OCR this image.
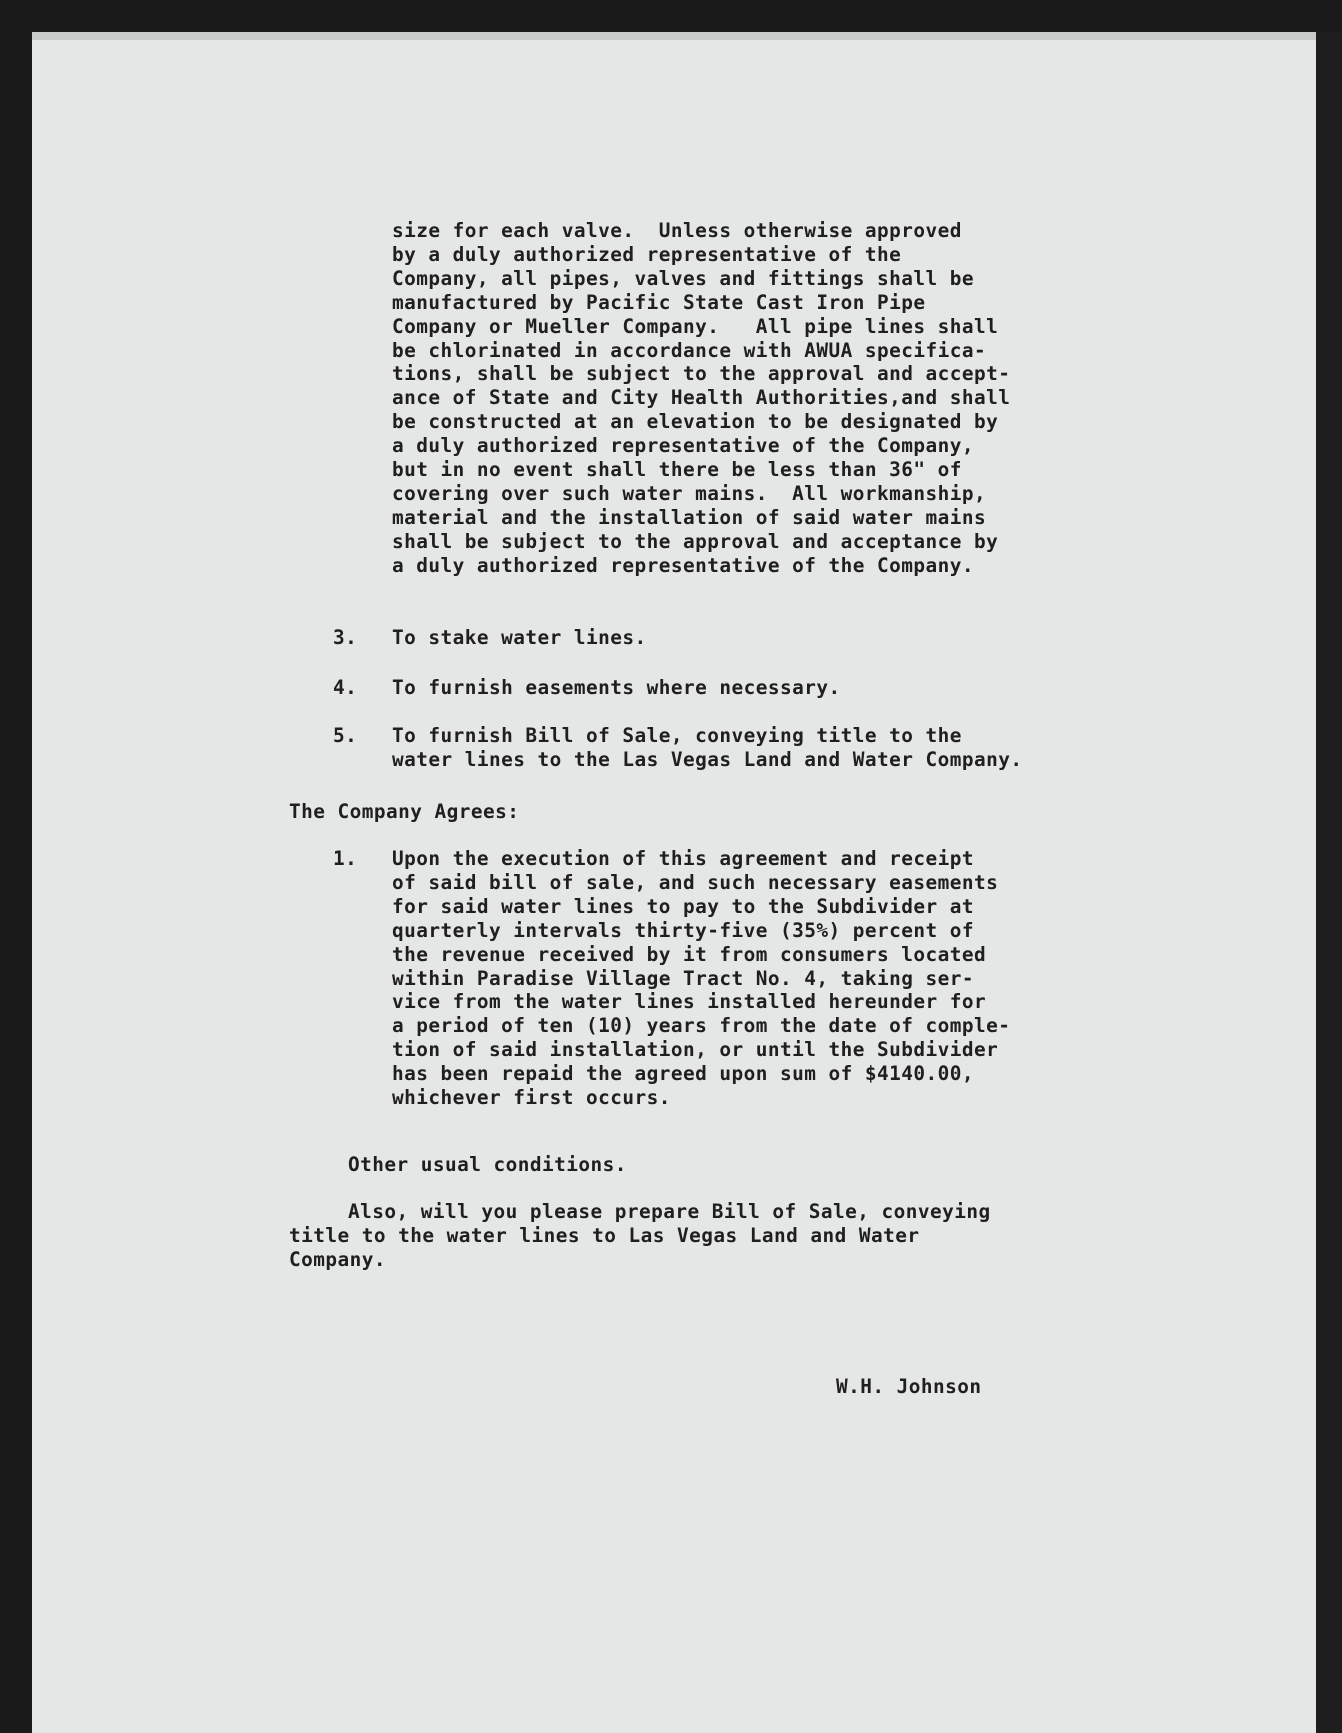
size for each valve.  Unless otherwise approved
by a duly authorized representative of the
Company, all pipes, valves and fittings shall be
manufactured by Pacific State Cast Iron Pipe
Company or Mueller Company.   All pipe lines shall
be chlorinated in accordance with AWUA specifica-
tions, shall be subject to the approval and accept-
ance of State and City Health Authorities,and shall
be constructed at an elevation to be designated by
a duly authorized representative of the Company,
but in no event shall there be less than 36" of
covering over such water mains.  All workmanship,
material and the installation of said water mains
shall be subject to the approval and acceptance by
a duly authorized representative of the Company.
3. To stake water lines.
4. To furnish easements where necessary.
5. To furnish Bill of Sale, conveying title to the
water lines to the Las Vegas Land and Water Company.
The Company Agrees:
1. Upon the execution of this agreement and receipt
of said bill of sale, and such necessary easements
for said water lines to pay to the Subdivider at
quarterly intervals thirty-five (35%) percent of
the revenue received by it from consumers located
within Paradise Village Tract No. 4, taking ser-
vice from the water lines installed hereunder for
a period of ten (10) years from the date of comple-
tion of said installation, or until the Subdivider
has been repaid the agreed upon sum of $4140.00,
whichever first occurs.
Other usual conditions.
Also, will you please prepare Bill of Sale, conveying
title to the water lines to Las Vegas Land and Water
Company.
W.H. Johnson
